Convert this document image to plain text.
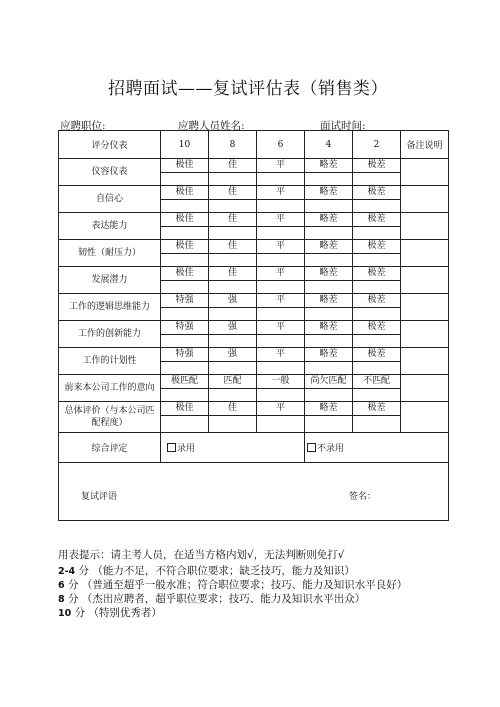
招聘面试——复试评估表（销售类）
应聘职位:	应聘人员姓名:	面试时间:
评分仪表	10	8	6	4	2	备注说明
仪容仪表	极佳	佳	平	略差	极差	

自信心	极佳	佳	平	略差	极差	

表达能力	极佳	佳	平	略差	极差	

韧性（耐压力）	极佳	佳	平	略差	极差	

发展潜力	极佳	佳	平	略差	极差	

工作的逻辑思维能力	特强	强	平	略差	极差	

工作的创新能力	特强	强	平	略差	极差	

工作的计划性	特强	强	平	略差	极差	

前来本公司工作的意向	极匹配	匹配	一般	尚欠匹配	不匹配	

总体评价（与本公司匹配程度）	极佳	佳	平	略差	极差	

综合评定	录用			不录用		

复试评语 签名：						
用表提示：请主考人员，在适当方格内划√，无法判断则免打√
2-4 分 （能力不足，不符合职位要求；缺乏技巧，能力及知识）
6 分 （普通至超乎一般水准；符合职位要求；技巧、能力及知识水平良好）
8 分 （杰出应聘者，超乎职位要求；技巧、能力及知识水平出众）
10 分 （特别优秀者）
